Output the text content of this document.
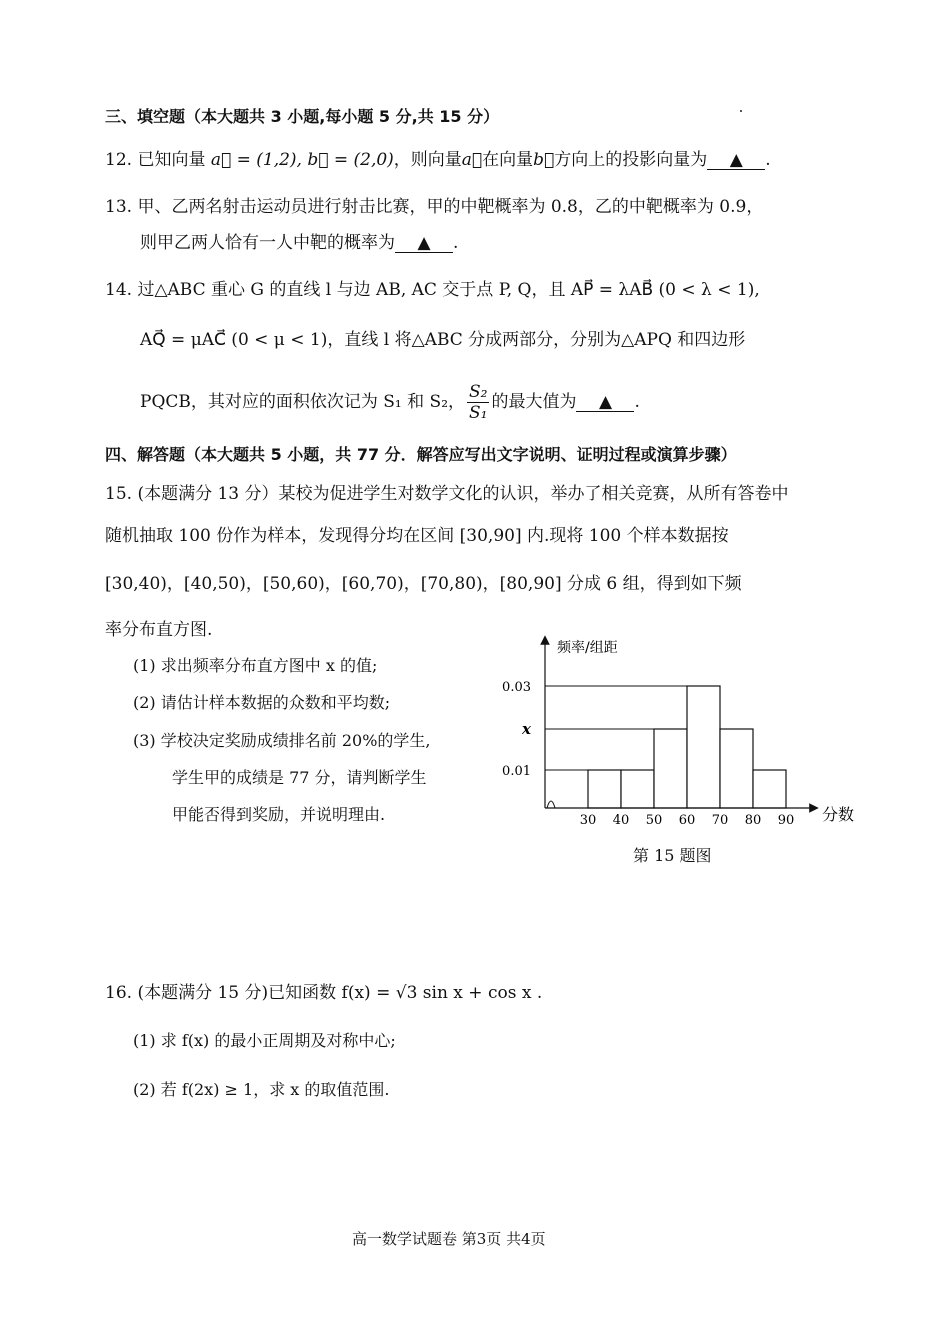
三、填空题（本大题共 3 小题,每小题 5 分,共 15 分）
12. 已知向量 a⃗ = (1,2), b⃗ = (2,0)，则向量a⃗在向量b⃗方向上的投影向量为 ▲ .
13. 甲、乙两名射击运动员进行射击比赛，甲的中靶概率为 0.8，乙的中靶概率为 0.9，
则甲乙两人恰有一人中靶的概率为 ▲ .
14. 过△ABC 重心 G 的直线 l 与边 AB, AC 交于点 P, Q，且 AP⃗ = λAB⃗ (0 < λ < 1),
AQ⃗ = μAC⃗ (0 < μ < 1)，直线 l 将△ABC 分成两部分，分别为△APQ 和四边形
PQCB，其对应的面积依次记为 S₁ 和 S₂， $\frac{\text{S₂}}{\text{S₁}}$ 的最大值为	▲	.
四、解答题（本大题共 5 小题，共 77 分．解答应写出文字说明、证明过程或演算步骤）
15. (本题满分 13 分）某校为促进学生对数学文化的认识，举办了相关竞赛，从所有答卷中
随机抽取 100 份作为样本，发现得分均在区间 [30,90] 内.现将 100 个样本数据按
[30,40)，[40,50)，[50,60)，[60,70)，[70,80)，[80,90] 分成 6 组，得到如下频
率分布直方图.
(1) 求出频率分布直方图中 x 的值;
(2) 请估计样本数据的众数和平均数;
(3) 学校决定奖励成绩排名前 20%的学生,
学生甲的成绩是 77 分，请判断学生
甲能否得到奖励，并说明理由.
频率/组距
分数
0.03
x
0.01
30 40 50 60 70 80 90
第 15 题图
16. (本题满分 15 分)已知函数 f(x) = √3 sin x + cos x .
(1) 求 f(x) 的最小正周期及对称中心;
(2) 若 f(2x) ≥ 1，求 x 的取值范围.
高一数学试题卷 第3页 共4页
